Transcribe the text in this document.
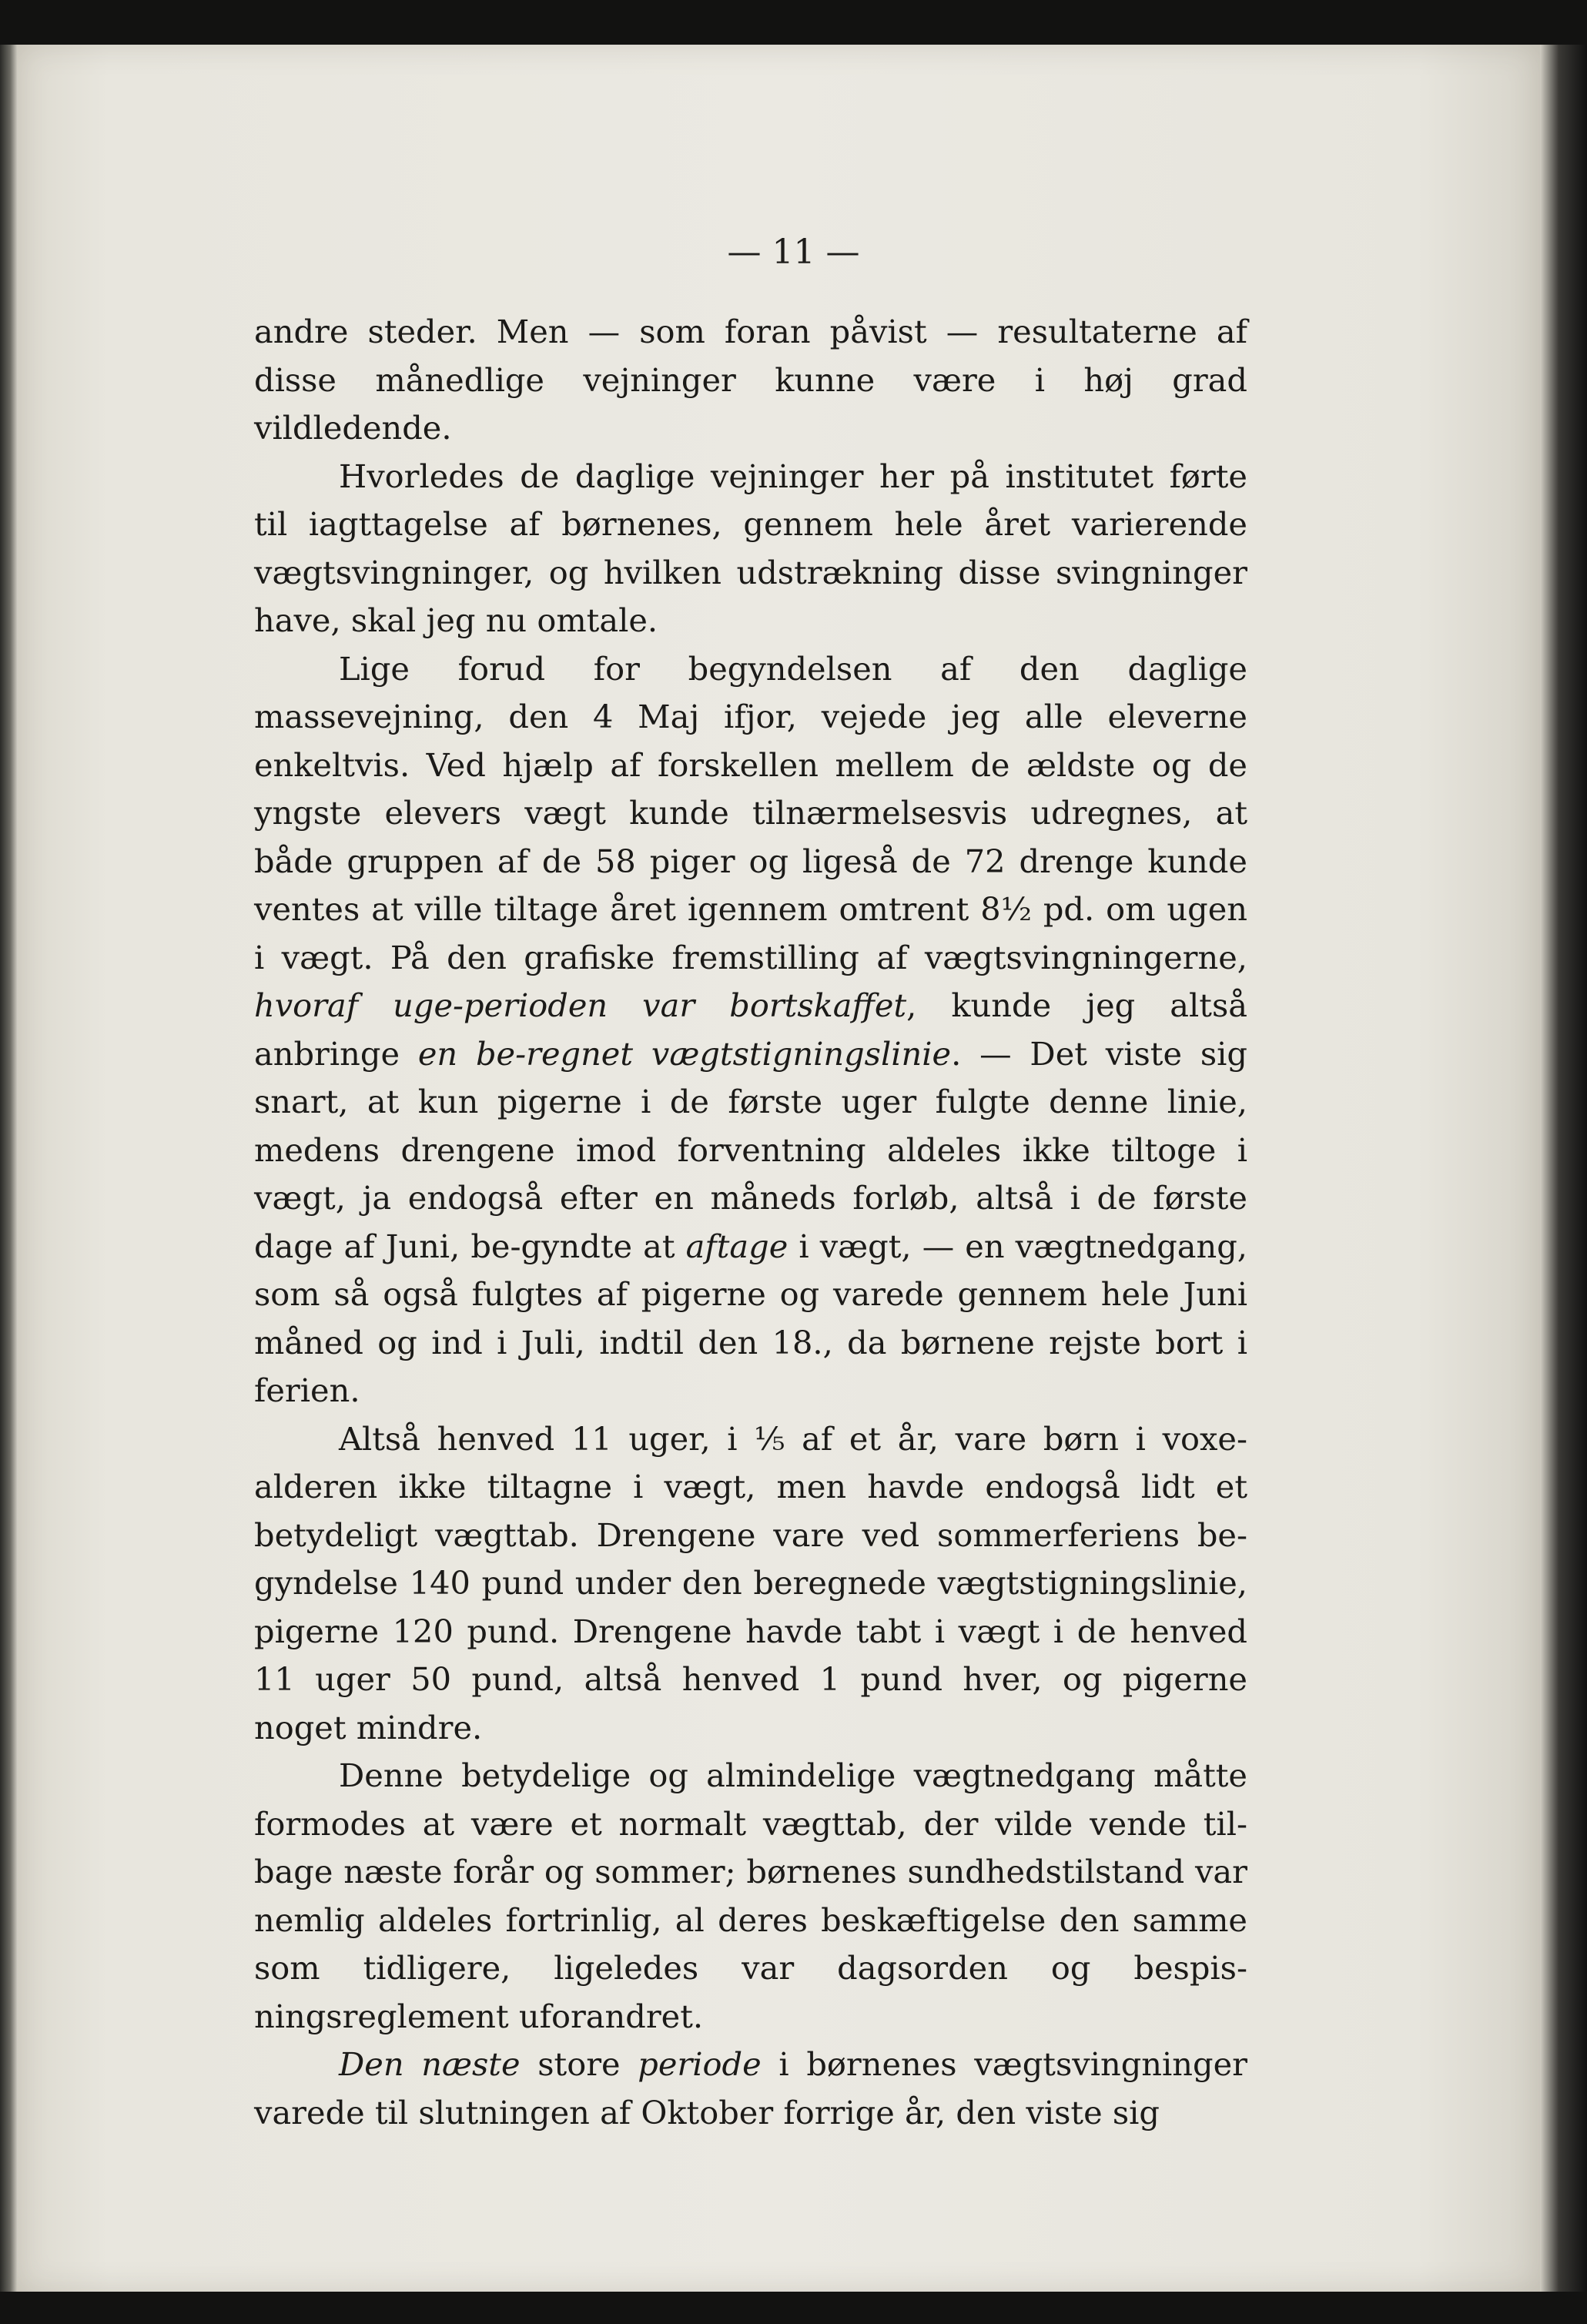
— 11 —

andre steder. Men — som foran påvist — resultaterne af disse månedlige vejninger kunne være i høj grad vildledende.

Hvorledes de daglige vejninger her på institutet førte til iagttagelse af børnenes, gennem hele året varierende vægtsvingninger, og hvilken udstrækning disse svingninger have, skal jeg nu omtale.

Lige forud for begyndelsen af den daglige massevejning, den 4 Maj ifjor, vejede jeg alle eleverne enkeltvis. Ved hjælp af forskellen mellem de ældste og de yngste elevers vægt kunde tilnærmelsesvis udregnes, at både gruppen af de 58 piger og ligeså de 72 drenge kunde ventes at ville tiltage året igennem omtrent 8½ pd. om ugen i vægt. På den grafiske fremstilling af vægtsvingningerne, hvoraf uge-perioden var bortskaffet, kunde jeg altså anbringe en be-regnet vægtstigningslinie. — Det viste sig snart, at kun pigerne i de første uger fulgte denne linie, medens drengene imod forventning aldeles ikke tiltoge i vægt, ja endogså efter en måneds forløb, altså i de første dage af Juni, be-gyndte at aftage i vægt, — en vægtnedgang, som så også fulgtes af pigerne og varede gennem hele Juni måned og ind i Juli, indtil den 18., da børnene rejste bort i ferien.

Altså henved 11 uger, i ⅕ af et år, vare børn i voxe-alderen ikke tiltagne i vægt, men havde endogså lidt et betydeligt vægttab. Drengene vare ved sommerferiens be-gyndelse 140 pund under den beregnede vægtstigningslinie, pigerne 120 pund. Drengene havde tabt i vægt i de henved 11 uger 50 pund, altså henved 1 pund hver, og pigerne noget mindre.

Denne betydelige og almindelige vægtnedgang måtte formodes at være et normalt vægttab, der vilde vende til-bage næste forår og sommer; børnenes sundhedstilstand var nemlig aldeles fortrinlig, al deres beskæftigelse den samme som tidligere, ligeledes var dagsorden og bespis-ningsreglement uforandret.

Den næste store periode i børnenes vægtsvingninger varede til slutningen af Oktober forrige år, den viste sig
